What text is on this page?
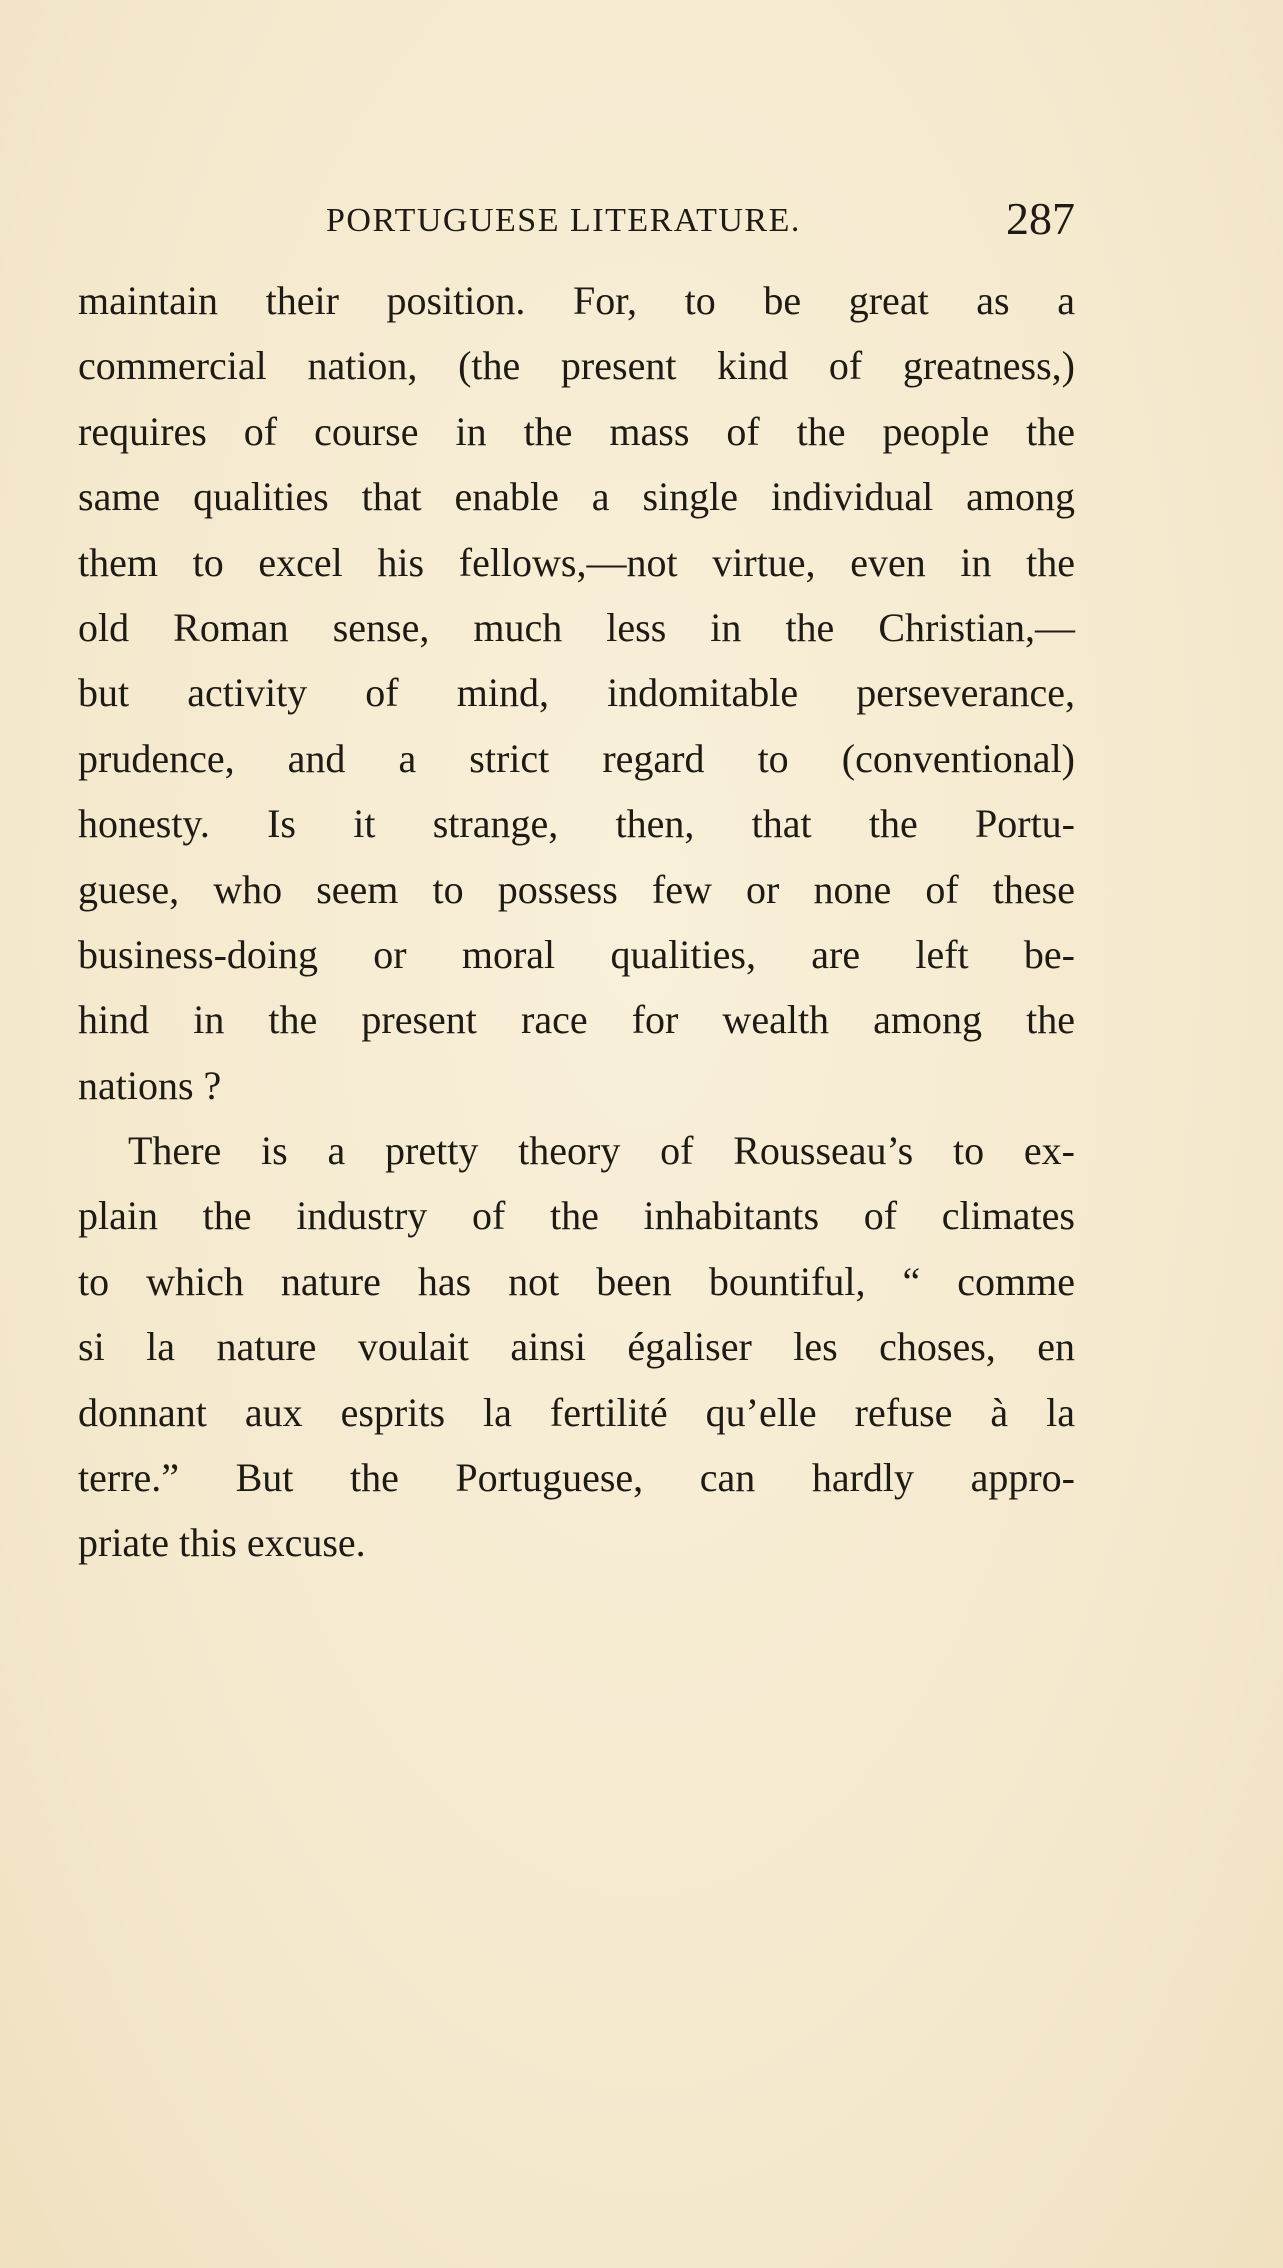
PORTUGUESE LITERATURE.	287
maintain their position. For, to be great as a
commercial nation, (the present kind of greatness,)
requires of course in the mass of the people the
same qualities that enable a single individual among
them to excel his fellows,—not virtue, even in the
old Roman sense, much less in the Christian,—
but activity of mind, indomitable perseverance,
prudence, and a strict regard to (conventional)
honesty. Is it strange, then, that the Portu-
guese, who seem to possess few or none of these
business-doing or moral qualities, are left be-
hind in the present race for wealth among the
nations ?
There is a pretty theory of Rousseau’s to ex-
plain the industry of the inhabitants of climates
to which nature has not been bountiful, “ comme
si la nature voulait ainsi égaliser les choses, en
donnant aux esprits la fertilité qu’elle refuse à la
terre.” But the Portuguese, can hardly appro-
priate this excuse.
